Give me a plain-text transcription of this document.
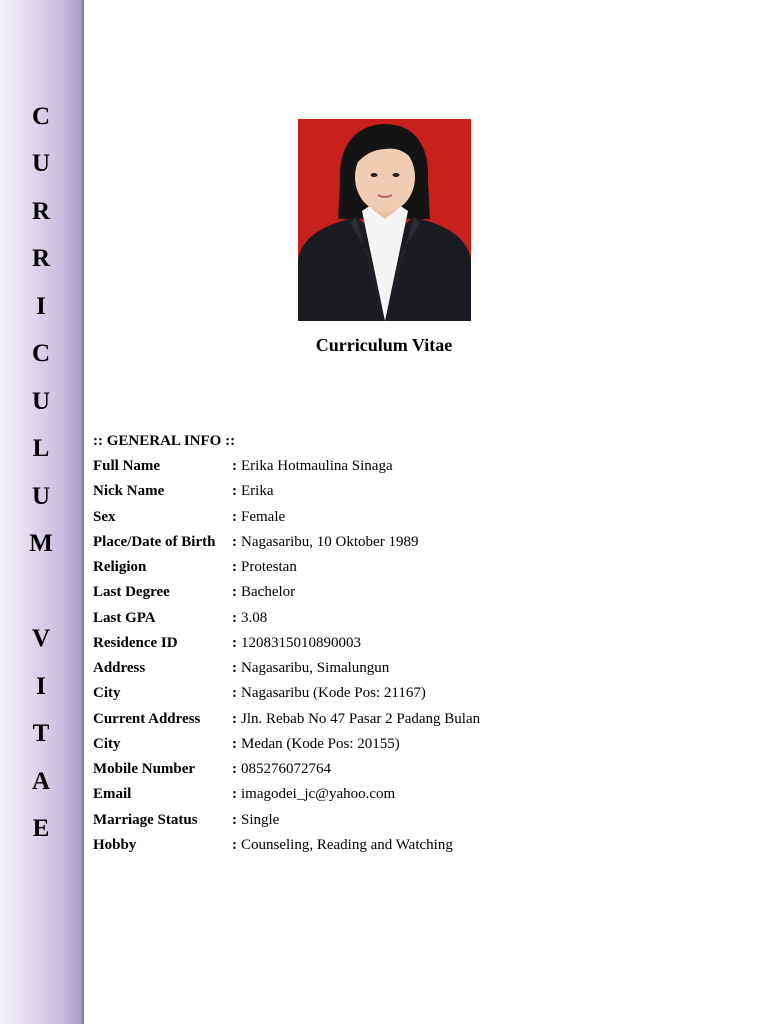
C
U
R
R
I
C
U
L
U
M
V
I
T
A
E
Curriculum Vitae
:: GENERAL INFO ::
Full Name	: Erika Hotmaulina Sinaga
Nick Name	: Erika
Sex	: Female
Place/Date of Birth	: Nagasaribu, 10 Oktober 1989
Religion	: Protestan
Last Degree	: Bachelor
Last GPA	: 3.08
Residence ID	: 1208315010890003
Address	: Nagasaribu, Simalungun
City	: Nagasaribu (Kode Pos: 21167)
Current Address	: Jln. Rebab No 47 Pasar 2 Padang Bulan
City	: Medan (Kode Pos: 20155)
Mobile Number	: 085276072764
Email	: imagodei_jc@yahoo.com
Marriage Status	: Single
Hobby	: Counseling, Reading and Watching
